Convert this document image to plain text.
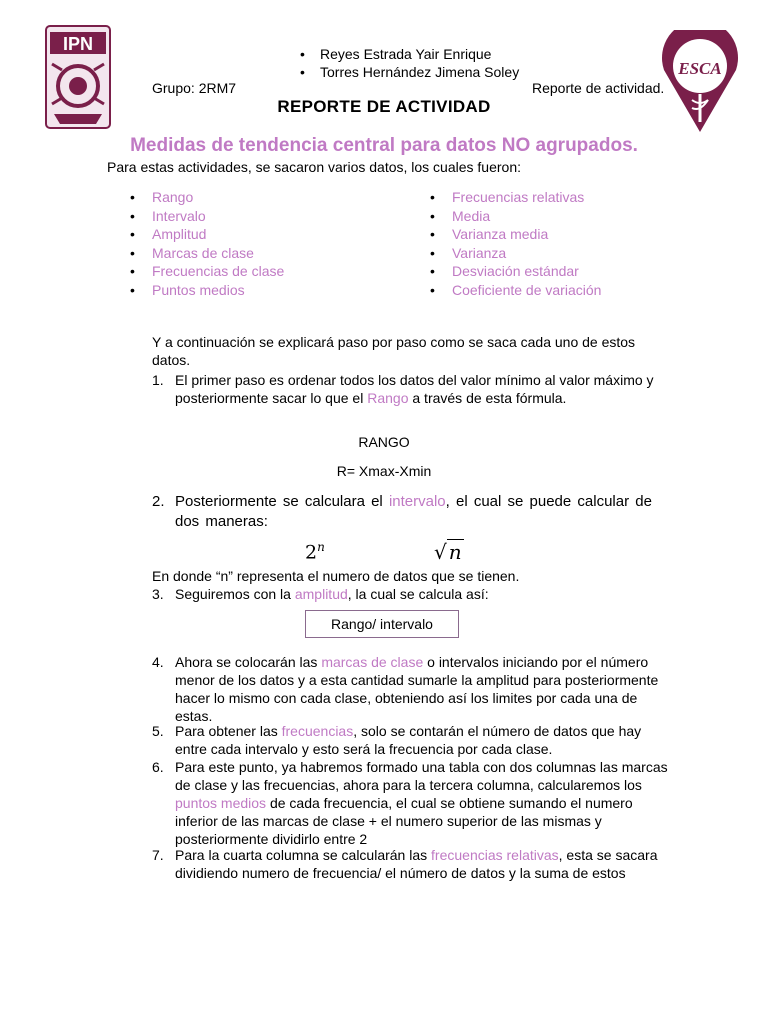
IPN
ESCA
• Reyes Estrada Yair Enrique
• Torres Hernández Jimena Soley
Grupo: 2RM7	Reporte de actividad.
REPORTE DE ACTIVIDAD
Medidas de tendencia central para datos NO agrupados.
Para estas actividades, se sacaron varios datos, los cuales fueron:
• Rango
• Intervalo
• Amplitud
• Marcas de clase
• Frecuencias de clase
• Puntos medios
• Frecuencias relativas
• Media
• Varianza media
• Varianza
• Desviación estándar
• Coeficiente de variación
Y a continuación se explicará paso por paso como se saca cada uno de estos datos.
1. El primer paso es ordenar todos los datos del valor mínimo al valor máximo y posteriormente sacar lo que el Rango a través de esta fórmula.
RANGO
R= Xmax-Xmin
2. Posteriormente se calculara el intervalo, el cual se puede calcular de dos maneras:
2$^n$	√ n
En donde “n” representa el numero de datos que se tienen.
3. Seguiremos con la amplitud, la cual se calcula así:
Rango/ intervalo
4. Ahora se colocarán las marcas de clase o intervalos iniciando por el número menor de los datos y a esta cantidad sumarle la amplitud para posteriormente hacer lo mismo con cada clase, obteniendo así los limites por cada una de estas.
5. Para obtener las frecuencias, solo se contarán el número de datos que hay entre cada intervalo y esto será la frecuencia por cada clase.
6. Para este punto, ya habremos formado una tabla con dos columnas las marcas de clase y las frecuencias, ahora para la tercera columna, calcularemos los puntos medios de cada frecuencia, el cual se obtiene sumando el numero inferior de las marcas de clase + el numero superior de las mismas y posteriormente dividirlo entre 2
7. Para la cuarta columna se calcularán las frecuencias relativas, esta se sacara dividiendo numero de frecuencia/ el número de datos y la suma de estos
